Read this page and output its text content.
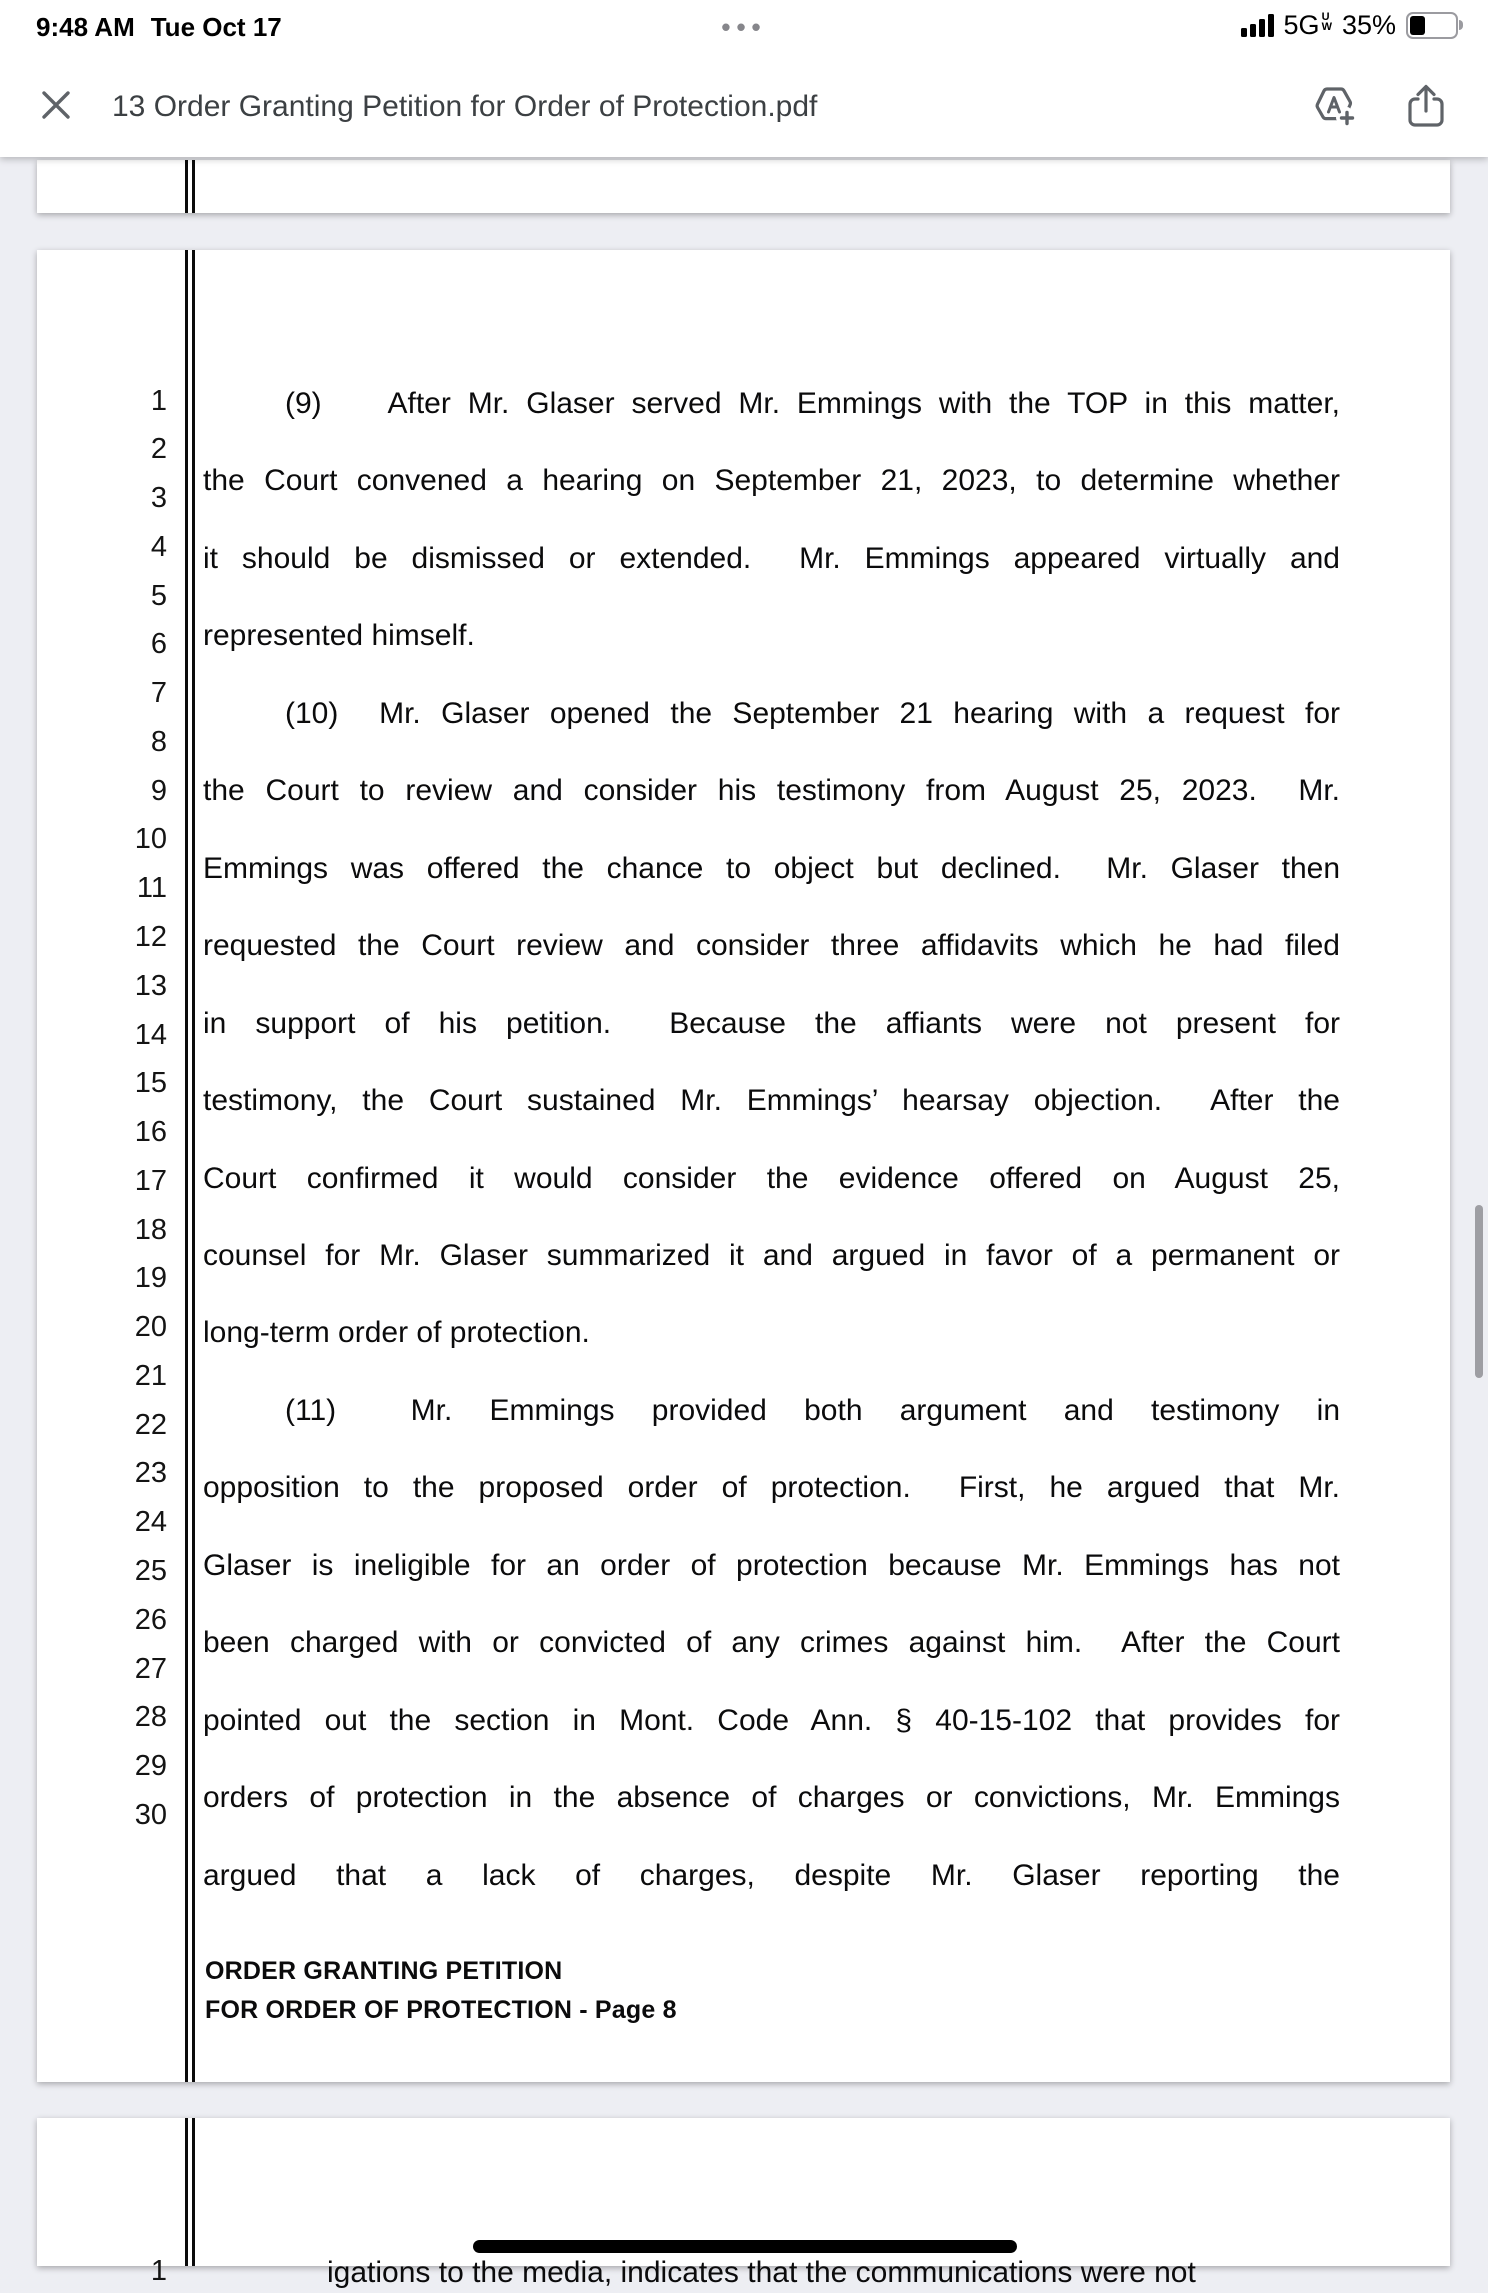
1
2
3
4
5
6
7
8
9
10
11
12
13
14
15
16
17
18
19
20
21
22
23
24
25
26
27
28
29
30
(9)    After Mr. Glaser served Mr. Emmings with the TOP in this matter,
the Court convened a hearing on September 21, 2023, to determine whether
it should be dismissed or extended.  Mr. Emmings appeared virtually and
represented himself.
(10)  Mr. Glaser opened the September 21 hearing with a request for
the Court to review and consider his testimony from August 25, 2023.  Mr.
Emmings was offered the chance to object but declined.  Mr. Glaser then
requested the Court review and consider three affidavits which he had filed
in support of his petition.  Because the affiants were not present for
testimony, the Court sustained Mr. Emmings’ hearsay objection.  After the
Court confirmed it would consider the evidence offered on August 25,
counsel for Mr. Glaser summarized it and argued in favor of a permanent or
long-term order of protection.
(11)  Mr. Emmings provided both argument and testimony in
opposition to the proposed order of protection.  First, he argued that Mr.
Glaser is ineligible for an order of protection because Mr. Emmings has not
been charged with or convicted of any crimes against him.  After the Court
pointed out the section in Mont. Code Ann. § 40-15-102 that provides for
orders of protection in the absence of charges or convictions, Mr. Emmings
argued that a lack of charges, despite Mr. Glaser reporting the
ORDER GRANTING PETITION
FOR ORDER OF PROTECTION - Page 8
1	igations to the media, indicates that the communications were not
9:48 AM Tue Oct 17	•••	5G U
W 35%
13 Order Granting Petition for Order of Protection.pdf
